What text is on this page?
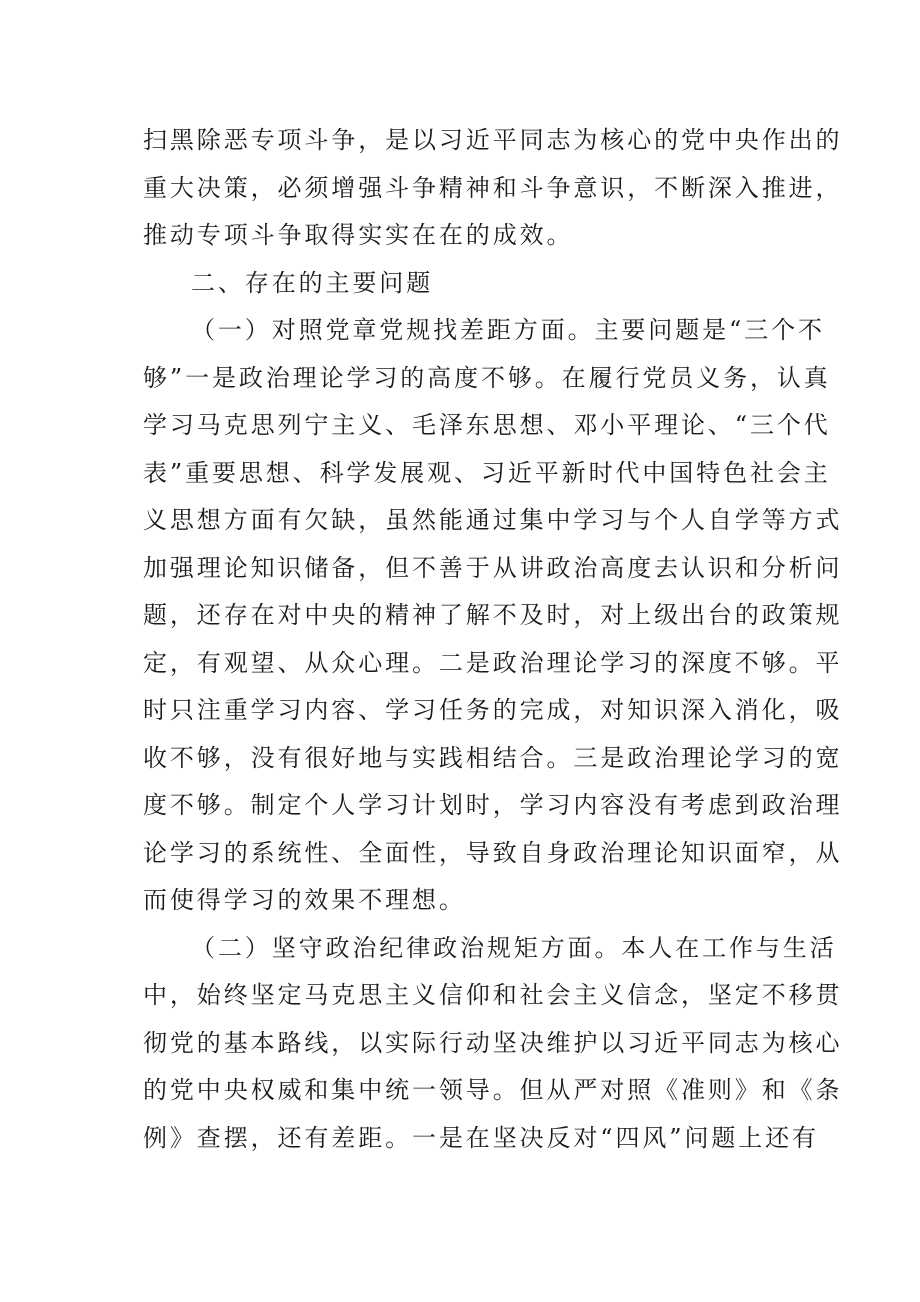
扫黑除恶专项斗争，是以习近平同志为核心的党中央作出的
重大决策，必须增强斗争精神和斗争意识，不断深入推进，
推动专项斗争取得实实在在的成效。
二、存在的主要问题
（一）对照党章党规找差距方面。主要问题是“三个不
够”一是政治理论学习的高度不够。在履行党员义务，认真
学习马克思列宁主义、毛泽东思想、邓小平理论、“三个代
表”重要思想、科学发展观、习近平新时代中国特色社会主
义思想方面有欠缺，虽然能通过集中学习与个人自学等方式
加强理论知识储备，但不善于从讲政治高度去认识和分析问
题，还存在对中央的精神了解不及时，对上级出台的政策规
定，有观望、从众心理。二是政治理论学习的深度不够。平
时只注重学习内容、学习任务的完成，对知识深入消化，吸
收不够，没有很好地与实践相结合。三是政治理论学习的宽
度不够。制定个人学习计划时，学习内容没有考虑到政治理
论学习的系统性、全面性，导致自身政治理论知识面窄，从
而使得学习的效果不理想。
（二）坚守政治纪律政治规矩方面。本人在工作与生活
中，始终坚定马克思主义信仰和社会主义信念，坚定不移贯
彻党的基本路线，以实际行动坚决维护以习近平同志为核心
的党中央权威和集中统一领导。但从严对照《准则》和《条
例》查摆，还有差距。一是在坚决反对“四风”问题上还有
